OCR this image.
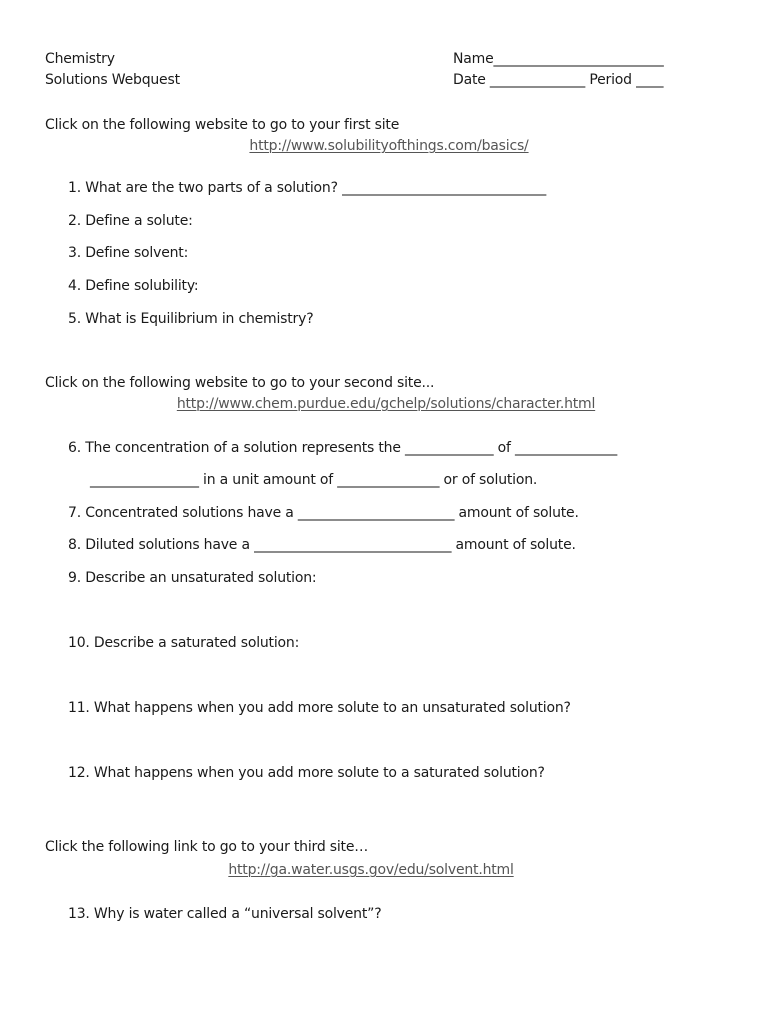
Chemistry
Solutions Webquest
Name_________________________
Date ______________ Period ____
Click on the following website to go to your first site
http://www.solubilityofthings.com/basics/
1. What are the two parts of a solution? ______________________________
2. Define a solute:
3. Define solvent:
4. Define solubility:
5. What is Equilibrium in chemistry?
Click on the following website to go to your second site...
http://www.chem.purdue.edu/gchelp/solutions/character.html
6. The concentration of a solution represents the _____________ of _______________
________________ in a unit amount of _______________ or of solution.
7. Concentrated solutions have a _______________________ amount of solute.
8. Diluted solutions have a _____________________________ amount of solute.
9. Describe an unsaturated solution:
10. Describe a saturated solution:
11. What happens when you add more solute to an unsaturated solution?
12. What happens when you add more solute to a saturated solution?
Click the following link to go to your third site…
http://ga.water.usgs.gov/edu/solvent.html
13. Why is water called a “universal solvent”?
